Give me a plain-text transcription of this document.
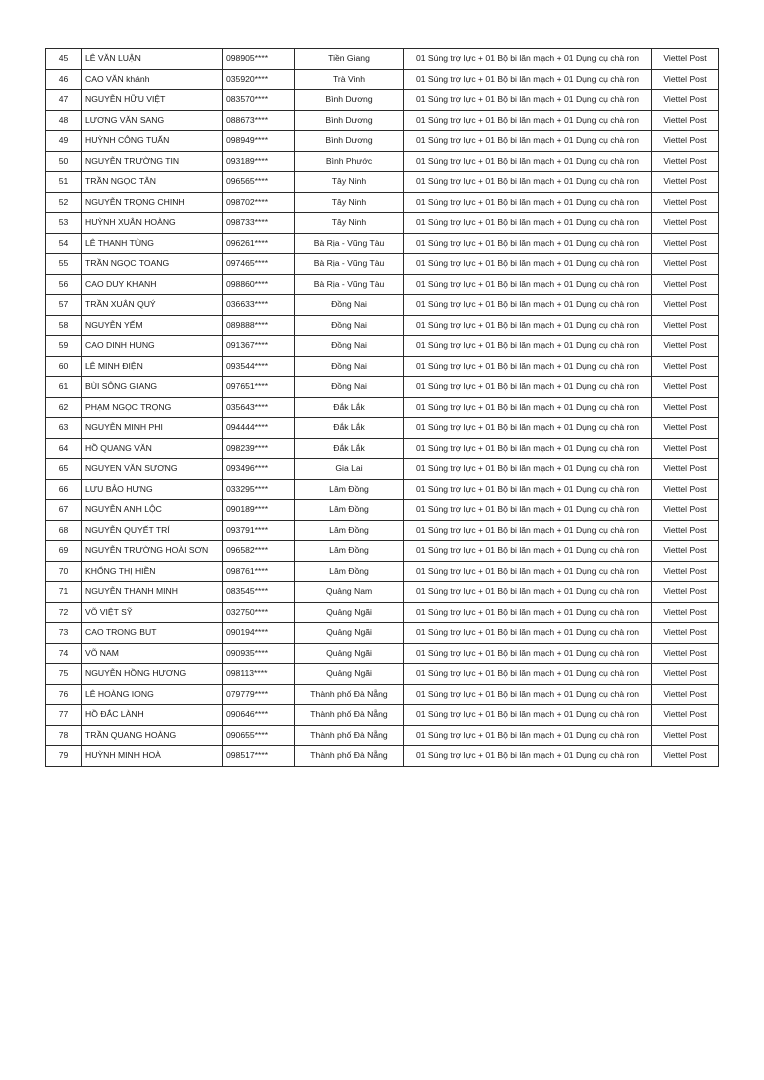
45	LÊ VĂN LUẬN	098905****	Tiền Giang	01 Súng trợ lực + 01 Bộ bi lăn mạch + 01 Dụng cụ chà ron	Viettel Post
46	CAO VĂN khánh	035920****	Trà Vinh	01 Súng trợ lực + 01 Bộ bi lăn mạch + 01 Dụng cụ chà ron	Viettel Post
47	NGUYỄN HỮU VIỆT	083570****	Bình Dương	01 Súng trợ lực + 01 Bộ bi lăn mạch + 01 Dụng cụ chà ron	Viettel Post
48	LƯƠNG VĂN SANG	088673****	Bình Dương	01 Súng trợ lực + 01 Bộ bi lăn mạch + 01 Dụng cụ chà ron	Viettel Post
49	HUỲNH CÔNG TUẤN	098949****	Bình Dương	01 Súng trợ lực + 01 Bộ bi lăn mạch + 01 Dụng cụ chà ron	Viettel Post
50	NGUYỄN TRƯỜNG TIN	093189****	Bình Phước	01 Súng trợ lực + 01 Bộ bi lăn mạch + 01 Dụng cụ chà ron	Viettel Post
51	TRẦN NGỌC TÂN	096565****	Tây Ninh	01 Súng trợ lực + 01 Bộ bi lăn mạch + 01 Dụng cụ chà ron	Viettel Post
52	NGUYỄN TRỌNG CHINH	098702****	Tây Ninh	01 Súng trợ lực + 01 Bộ bi lăn mạch + 01 Dụng cụ chà ron	Viettel Post
53	HUỲNH XUÂN HOÀNG	098733****	Tây Ninh	01 Súng trợ lực + 01 Bộ bi lăn mạch + 01 Dụng cụ chà ron	Viettel Post
54	LÊ THANH TÙNG	096261****	Bà Rịa - Vũng Tàu	01 Súng trợ lực + 01 Bộ bi lăn mạch + 01 Dụng cụ chà ron	Viettel Post
55	TRẦN NGỌC TOANG	097465****	Bà Rịa - Vũng Tàu	01 Súng trợ lực + 01 Bộ bi lăn mạch + 01 Dụng cụ chà ron	Viettel Post
56	CAO DUY KHANH	098860****	Bà Rịa - Vũng Tàu	01 Súng trợ lực + 01 Bộ bi lăn mạch + 01 Dụng cụ chà ron	Viettel Post
57	TRẦN XUÂN QUÝ	036633****	Đồng Nai	01 Súng trợ lực + 01 Bộ bi lăn mạch + 01 Dụng cụ chà ron	Viettel Post
58	NGUYỄN YẾM	089888****	Đồng Nai	01 Súng trợ lực + 01 Bộ bi lăn mạch + 01 Dụng cụ chà ron	Viettel Post
59	CAO DINH HUNG	091367****	Đồng Nai	01 Súng trợ lực + 01 Bộ bi lăn mạch + 01 Dụng cụ chà ron	Viettel Post
60	LÊ MINH ĐIỆN	093544****	Đồng Nai	01 Súng trợ lực + 01 Bộ bi lăn mạch + 01 Dụng cụ chà ron	Viettel Post
61	BÙI SÔNG GIANG	097651****	Đồng Nai	01 Súng trợ lực + 01 Bộ bi lăn mạch + 01 Dụng cụ chà ron	Viettel Post
62	PHẠM NGỌC TRỌNG	035643****	Đắk Lắk	01 Súng trợ lực + 01 Bộ bi lăn mạch + 01 Dụng cụ chà ron	Viettel Post
63	NGUYỄN MINH PHI	094444****	Đắk Lắk	01 Súng trợ lực + 01 Bộ bi lăn mạch + 01 Dụng cụ chà ron	Viettel Post
64	HỒ QUANG VĂN	098239****	Đắk Lắk	01 Súng trợ lực + 01 Bộ bi lăn mạch + 01 Dụng cụ chà ron	Viettel Post
65	NGUYEN VĂN SƯƠNG	093496****	Gia Lai	01 Súng trợ lực + 01 Bộ bi lăn mạch + 01 Dụng cụ chà ron	Viettel Post
66	LƯU BẢO HƯNG	033295****	Lâm Đồng	01 Súng trợ lực + 01 Bộ bi lăn mạch + 01 Dụng cụ chà ron	Viettel Post
67	NGUYỄN ANH LỘC	090189****	Lâm Đồng	01 Súng trợ lực + 01 Bộ bi lăn mạch + 01 Dụng cụ chà ron	Viettel Post
68	NGUYỄN QUYẾT TRÍ	093791****	Lâm Đồng	01 Súng trợ lực + 01 Bộ bi lăn mạch + 01 Dụng cụ chà ron	Viettel Post
69	NGUYỄN TRƯỜNG HOÀI SƠN	096582****	Lâm Đồng	01 Súng trợ lực + 01 Bộ bi lăn mạch + 01 Dụng cụ chà ron	Viettel Post
70	KHỔNG THỊ HIỀN	098761****	Lâm Đồng	01 Súng trợ lực + 01 Bộ bi lăn mạch + 01 Dụng cụ chà ron	Viettel Post
71	NGUYỄN THANH MINH	083545****	Quảng Nam	01 Súng trợ lực + 01 Bộ bi lăn mạch + 01 Dụng cụ chà ron	Viettel Post
72	VÕ VIỆT SỸ	032750****	Quảng Ngãi	01 Súng trợ lực + 01 Bộ bi lăn mạch + 01 Dụng cụ chà ron	Viettel Post
73	CAO TRONG BUT	090194****	Quảng Ngãi	01 Súng trợ lực + 01 Bộ bi lăn mạch + 01 Dụng cụ chà ron	Viettel Post
74	VÕ NAM	090935****	Quảng Ngãi	01 Súng trợ lực + 01 Bộ bi lăn mạch + 01 Dụng cụ chà ron	Viettel Post
75	NGUYỄN HỒNG HƯƠNG	098113****	Quảng Ngãi	01 Súng trợ lực + 01 Bộ bi lăn mạch + 01 Dụng cụ chà ron	Viettel Post
76	LÊ HOÀNG IONG	079779****	Thành phố Đà Nẵng	01 Súng trợ lực + 01 Bộ bi lăn mạch + 01 Dụng cụ chà ron	Viettel Post
77	HỒ ĐẮC LÀNH	090646****	Thành phố Đà Nẵng	01 Súng trợ lực + 01 Bộ bi lăn mạch + 01 Dụng cụ chà ron	Viettel Post
78	TRẦN QUANG HOÀNG	090655****	Thành phố Đà Nẵng	01 Súng trợ lực + 01 Bộ bi lăn mạch + 01 Dụng cụ chà ron	Viettel Post
79	HUỲNH MINH HOÀ	098517****	Thành phố Đà Nẵng	01 Súng trợ lực + 01 Bộ bi lăn mạch + 01 Dụng cụ chà ron	Viettel Post
